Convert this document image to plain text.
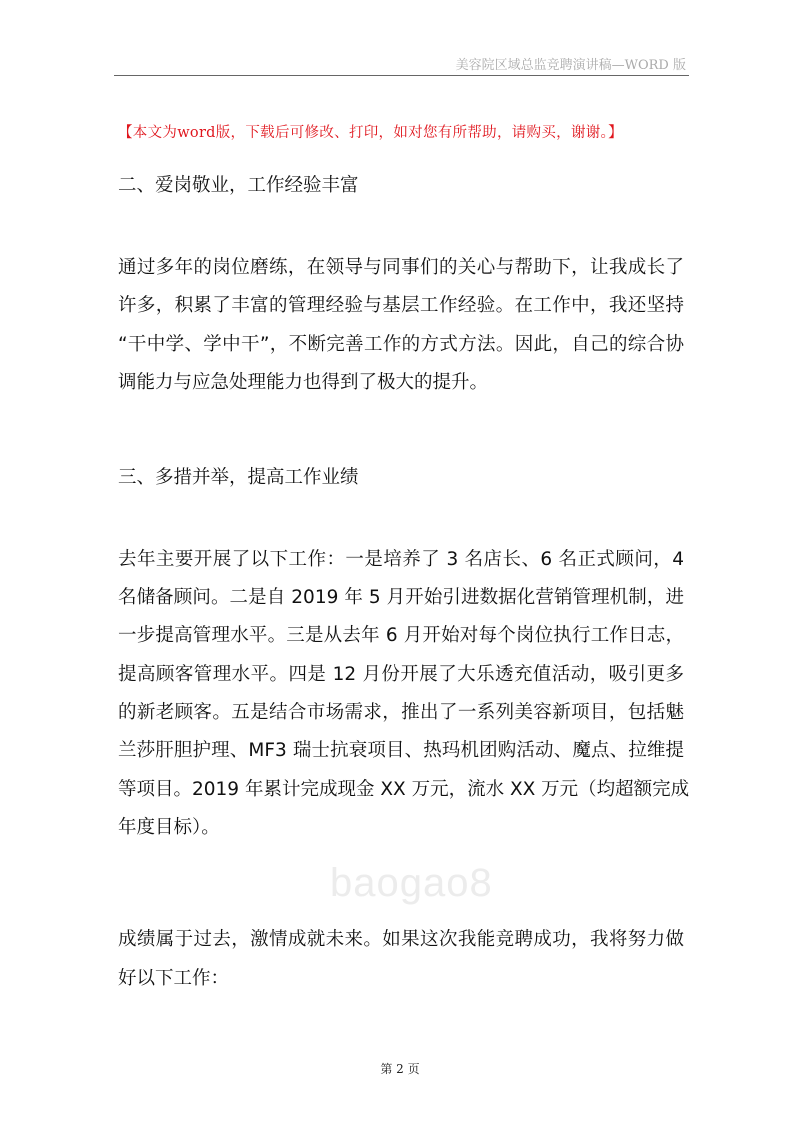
美容院区域总监竞聘演讲稿—WORD 版
【本文为word版，下载后可修改、打印，如对您有所帮助，请购买，谢谢。】
baogao8
二、爱岗敬业，工作经验丰富
通过多年的岗位磨练，在领导与同事们的关心与帮助下，让我成长了
许多，积累了丰富的管理经验与基层工作经验。在工作中，我还坚持
“干中学、学中干”，不断完善工作的方式方法。因此，自己的综合协
调能力与应急处理能力也得到了极大的提升。
三、多措并举，提高工作业绩
去年主要开展了以下工作：一是培养了 3 名店长、6 名正式顾问，4
名储备顾问。二是自 2019 年 5 月开始引进数据化营销管理机制，进
一步提高管理水平。三是从去年 6 月开始对每个岗位执行工作日志，
提高顾客管理水平。四是 12 月份开展了大乐透充值活动，吸引更多
的新老顾客。五是结合市场需求，推出了一系列美容新项目，包括魅
兰莎肝胆护理、MF3 瑞士抗衰项目、热玛机团购活动、魔点、拉维提
等项目。2019 年累计完成现金 XX 万元，流水 XX 万元（均超额完成
年度目标）。
成绩属于过去，激情成就未来。如果这次我能竞聘成功，我将努力做
好以下工作：
第 2 页
